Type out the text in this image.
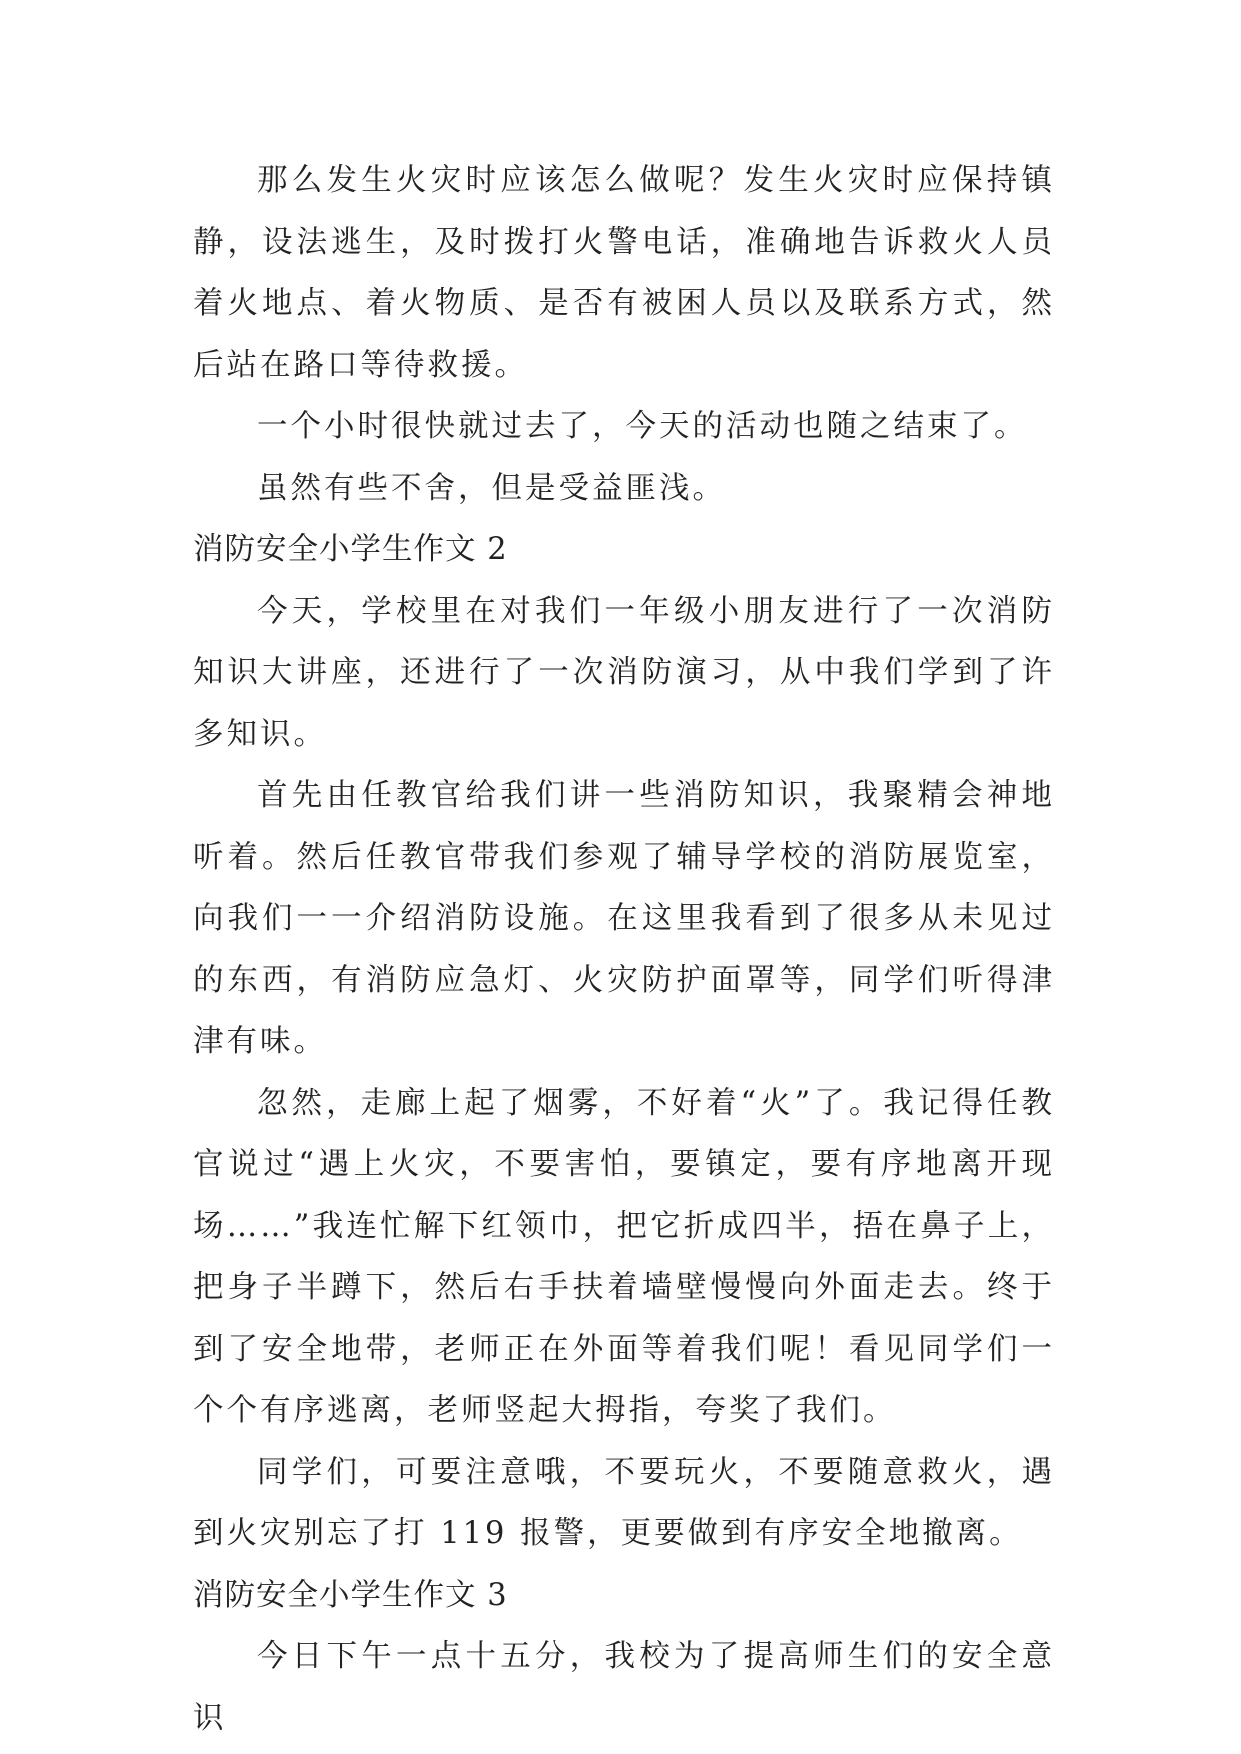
那么发生火灾时应该怎么做呢？发生火灾时应保持镇静，设法逃生，及时拨打火警电话，准确地告诉救火人员着火地点、着火物质、是否有被困人员以及联系方式，然后站在路口等待救援。

一个小时很快就过去了，今天的活动也随之结束了。

虽然有些不舍，但是受益匪浅。

消防安全小学生作文 2

今天，学校里在对我们一年级小朋友进行了一次消防知识大讲座，还进行了一次消防演习，从中我们学到了许多知识。

首先由任教官给我们讲一些消防知识，我聚精会神地听着。然后任教官带我们参观了辅导学校的消防展览室，向我们一一介绍消防设施。在这里我看到了很多从未见过的东西，有消防应急灯、火灾防护面罩等，同学们听得津津有味。

忽然，走廊上起了烟雾，不好着“火”了。我记得任教官说过“遇上火灾，不要害怕，要镇定，要有序地离开现场……”我连忙解下红领巾，把它折成四半，捂在鼻子上，把身子半蹲下，然后右手扶着墙壁慢慢向外面走去。终于到了安全地带，老师正在外面等着我们呢！看见同学们一个个有序逃离，老师竖起大拇指，夸奖了我们。

同学们，可要注意哦，不要玩火，不要随意救火，遇到火灾别忘了打 119 报警，更要做到有序安全地撤离。

消防安全小学生作文 3

今日下午一点十五分，我校为了提高师生们的安全意识
